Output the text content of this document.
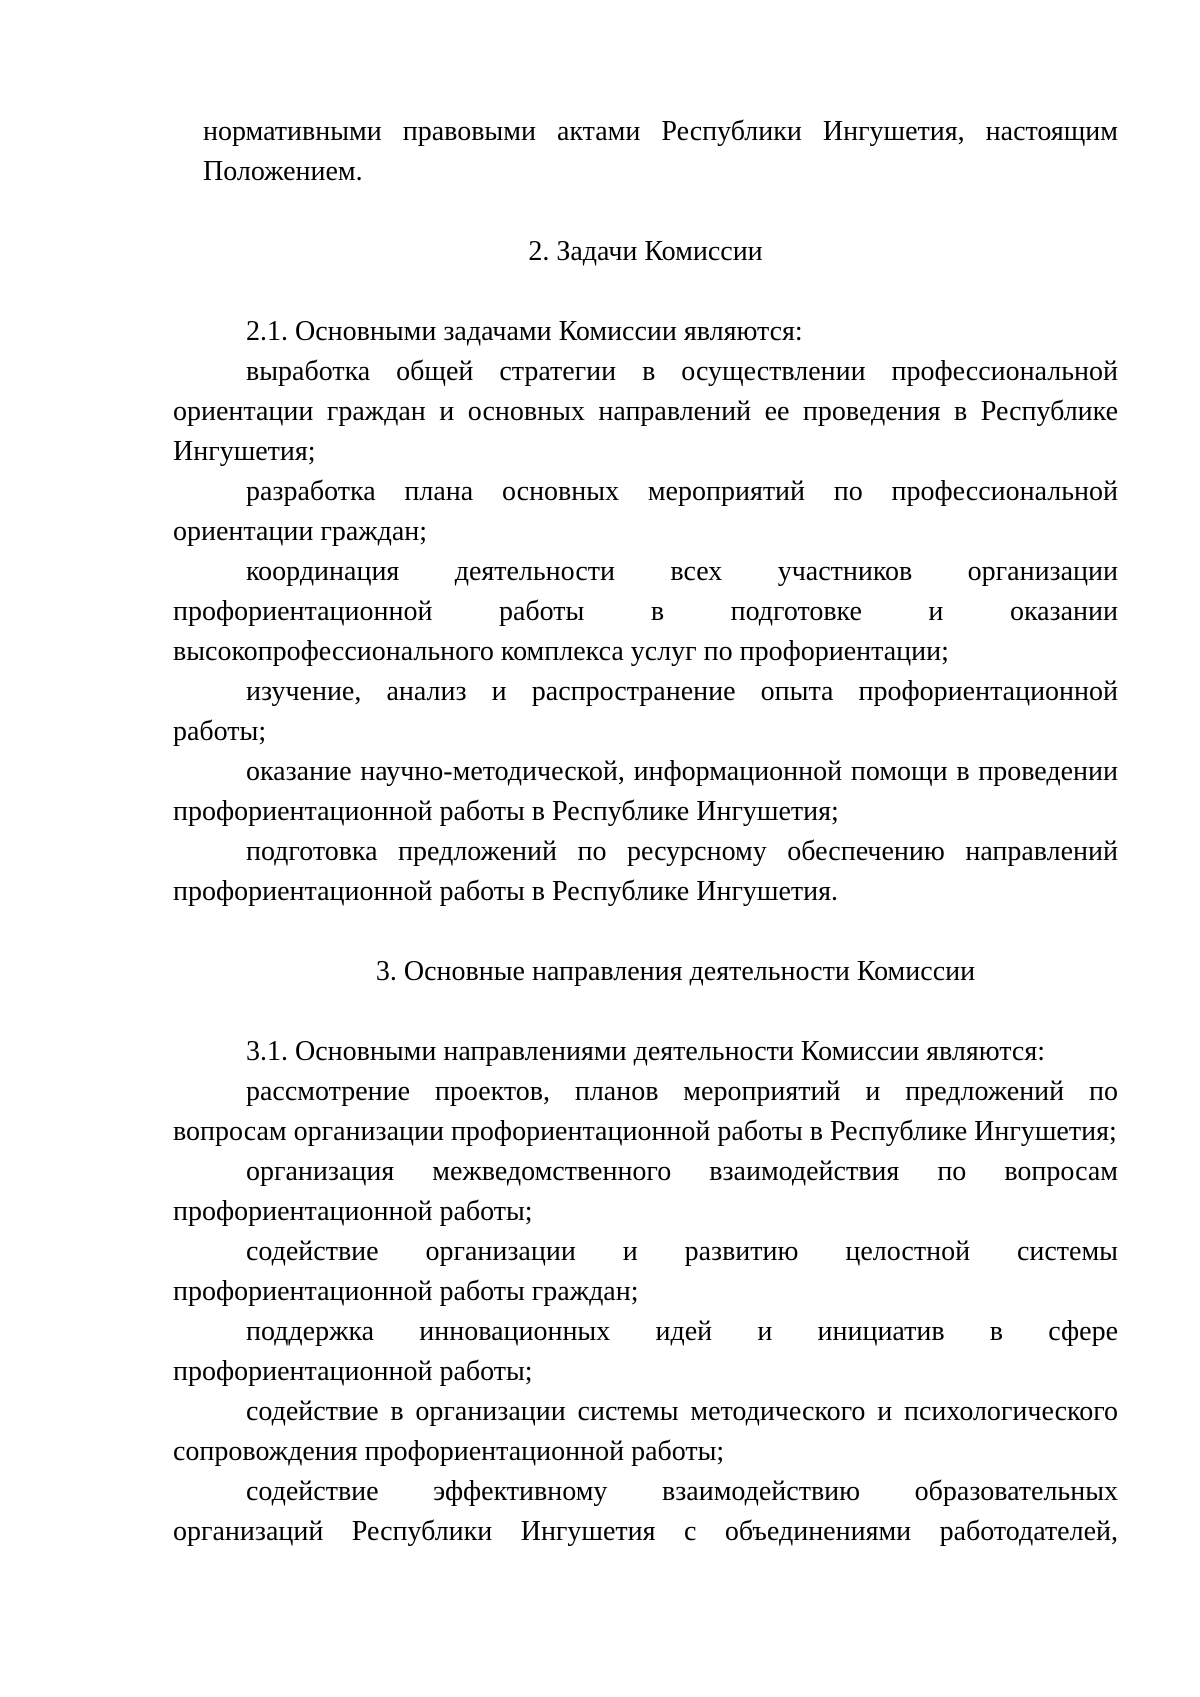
нормативными правовыми актами Республики Ингушетия, настоящим Положением.

2. Задачи Комиссии

2.1. Основными задачами Комиссии являются:

выработка общей стратегии в осуществлении профессиональной ориентации граждан и основных направлений ее проведения в Республике Ингушетия;

разработка плана основных мероприятий по профессиональной ориентации граждан;

координация деятельности всех участников организации профориентационной работы в подготовке и оказании высокопрофессионального комплекса услуг по профориентации;

изучение, анализ и распространение опыта профориентационной работы;

оказание научно-методической, информационной помощи в проведении профориентационной работы в Республике Ингушетия;

подготовка предложений по ресурсному обеспечению направлений профориентационной работы в Республике Ингушетия.

3. Основные направления деятельности Комиссии

3.1. Основными направлениями деятельности Комиссии являются:

рассмотрение проектов, планов мероприятий и предложений по вопросам организации профориентационной работы в Республике Ингушетия;

организация межведомственного взаимодействия по вопросам профориентационной работы;

содействие организации и развитию целостной системы профориентационной работы граждан;

поддержка инновационных идей и инициатив в сфере профориентационной работы;

содействие в организации системы методического и психологического сопровождения профориентационной работы;

содействие эффективному взаимодействию образовательных организаций Республики Ингушетия с объединениями работодателей,
